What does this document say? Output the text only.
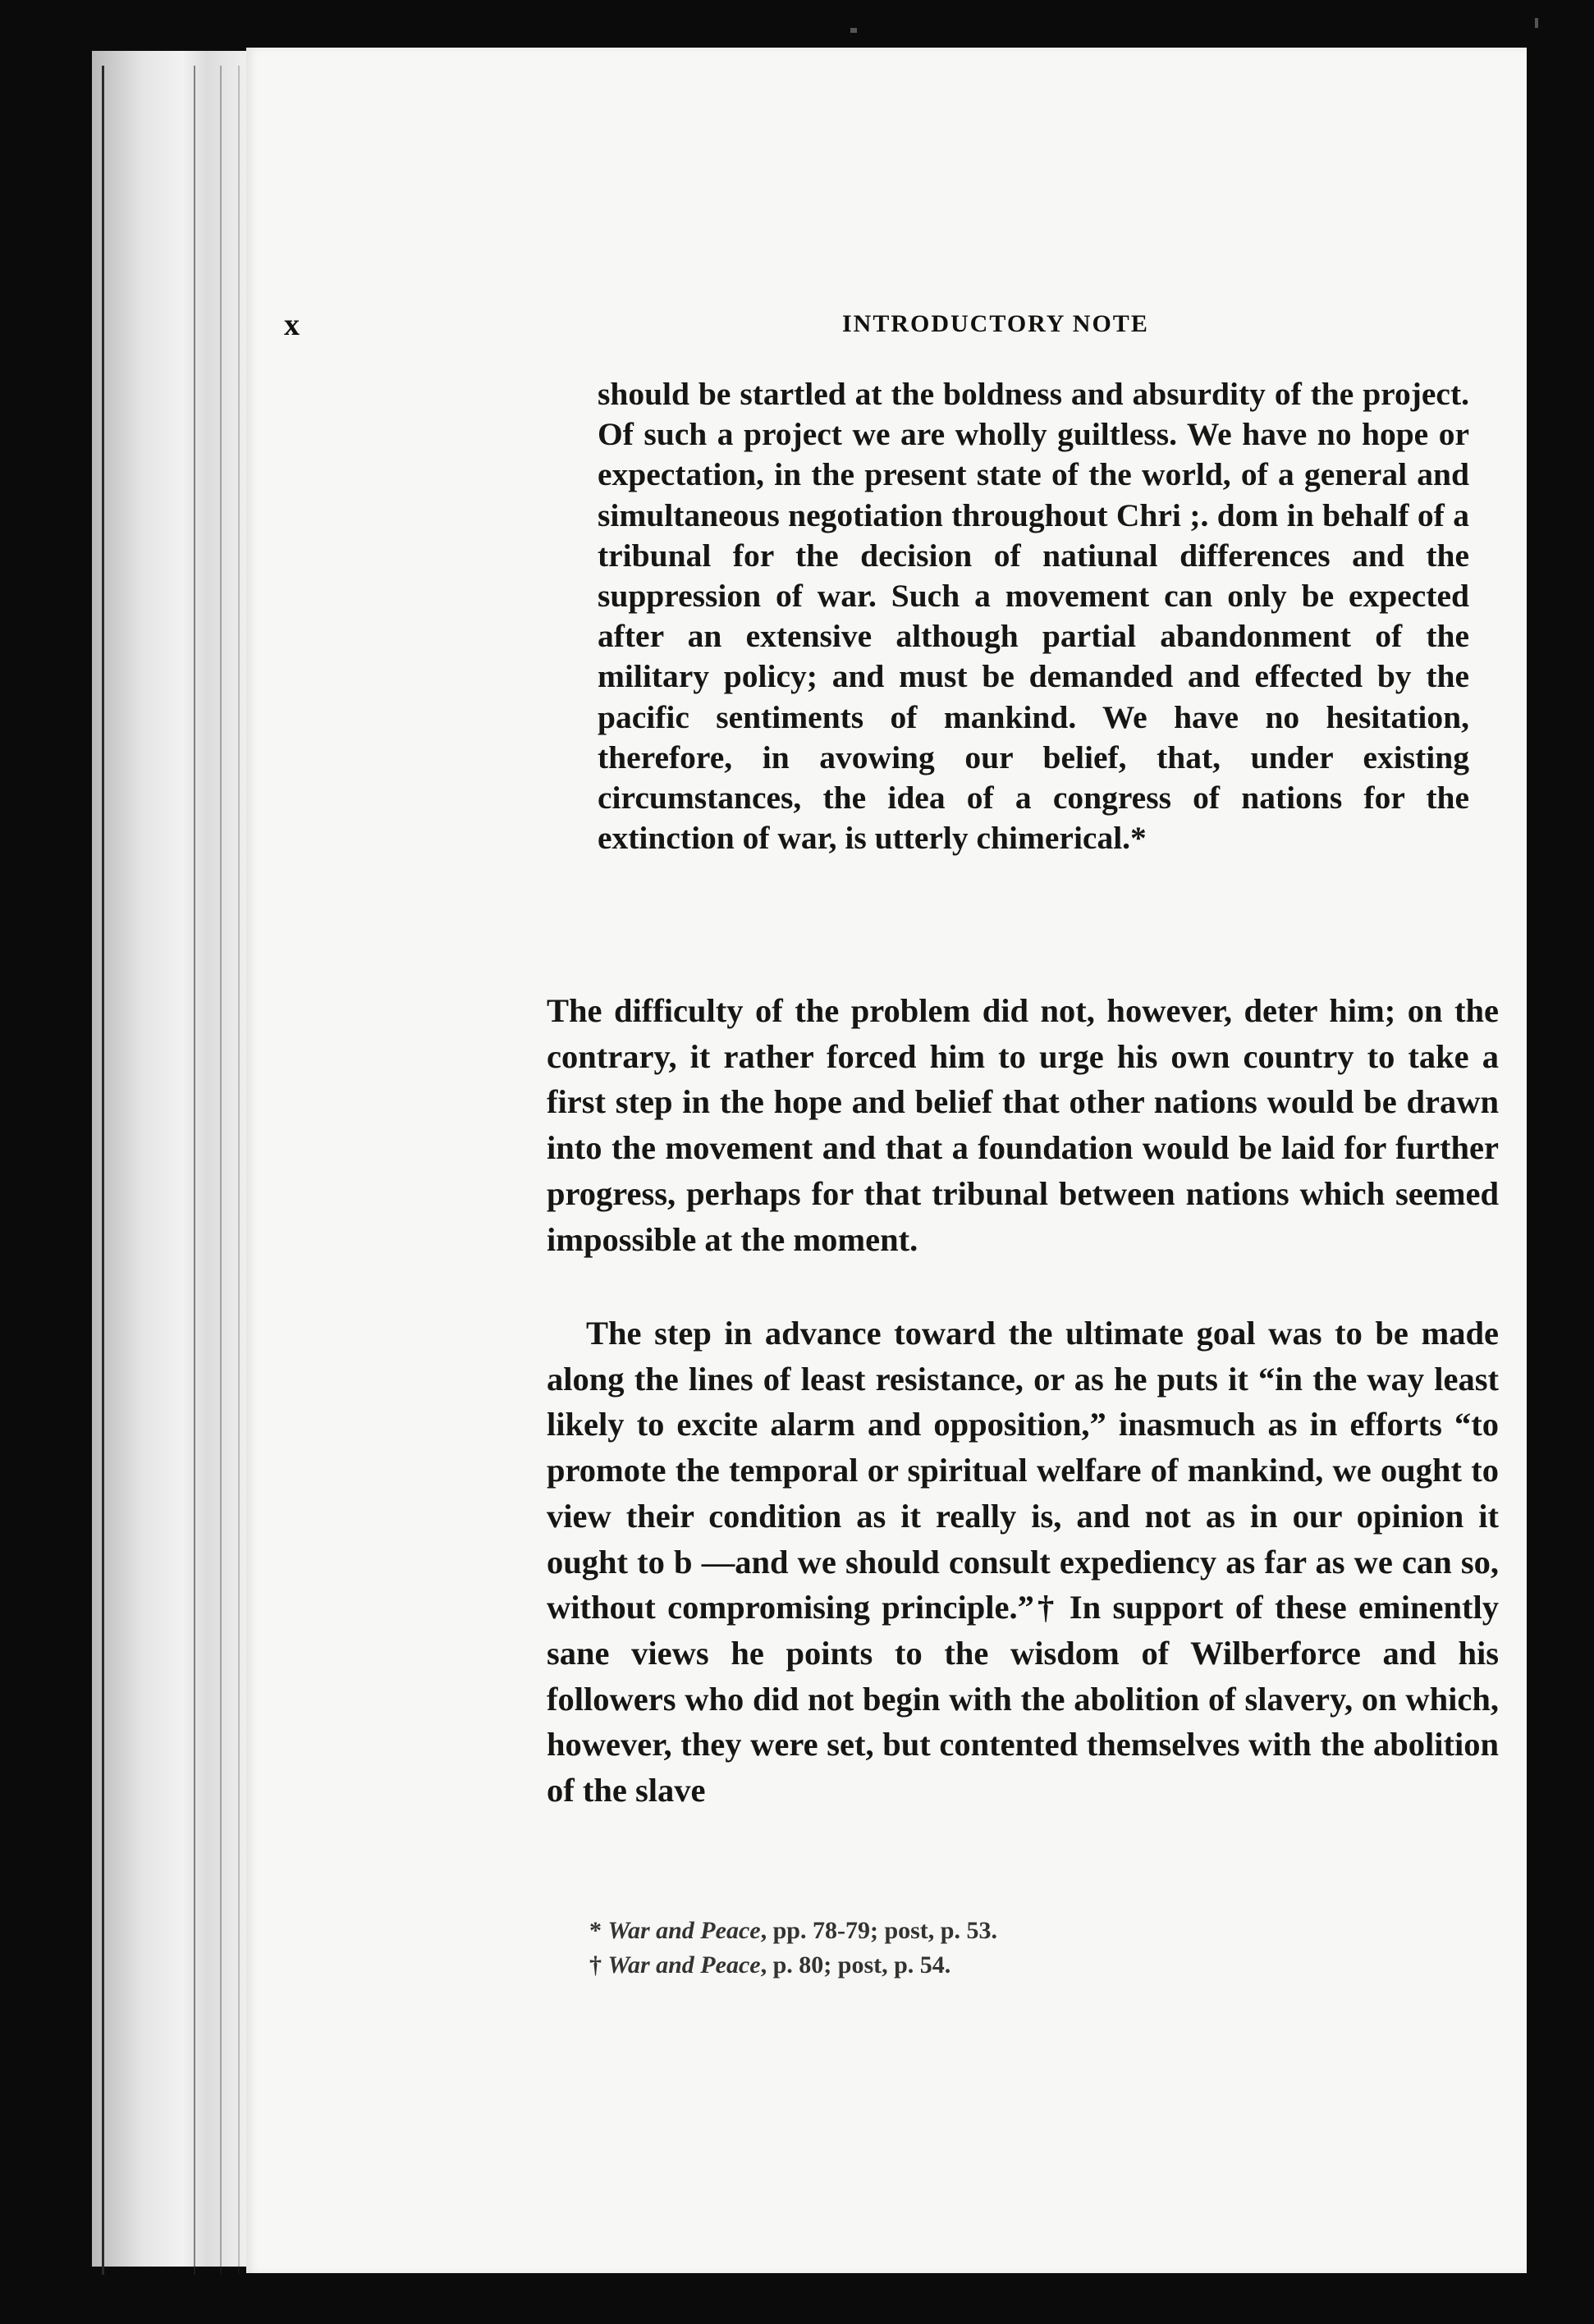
x	INTRODUCTORY NOTE

should be startled at the boldness and absurdity of the project. Of such a project we are wholly guiltless. We have no hope or expectation, in the present state of the world, of a general and simultaneous negotiation throughout Chri ;. dom in behalf of a tribunal for the decision of natiunal differences and the suppression of war. Such a movement can only be expected after an extensive although partial abandonment of the military policy; and must be demanded and effected by the pacific sentiments of mankind. We have no hesitation, therefore, in avowing our belief, that, under existing circumstances, the idea of a congress of nations for the extinction of war, is utterly chimerical.*

The difficulty of the problem did not, however, deter him; on the contrary, it rather forced him to urge his own country to take a first step in the hope and belief that other nations would be drawn into the movement and that a foundation would be laid for further progress, perhaps for that tribunal between nations which seemed impossible at the moment.

The step in advance toward the ultimate goal was to be made along the lines of least resistance, or as he puts it “in the way least likely to excite alarm and opposition,” inasmuch as in efforts “to promote the temporal or spiritual welfare of mankind, we ought to view their condition as it really is, and not as in our opinion it ought to b —and we should consult expediency as far as we can so, without compromising principle.”† In support of these eminently sane views he points to the wisdom of Wilberforce and his followers who did not begin with the abolition of slavery, on which, however, they were set, but contented themselves with the abolition of the slave

* War and Peace, pp. 78-79; post, p. 53.
† War and Peace, p. 80; post, p. 54.
